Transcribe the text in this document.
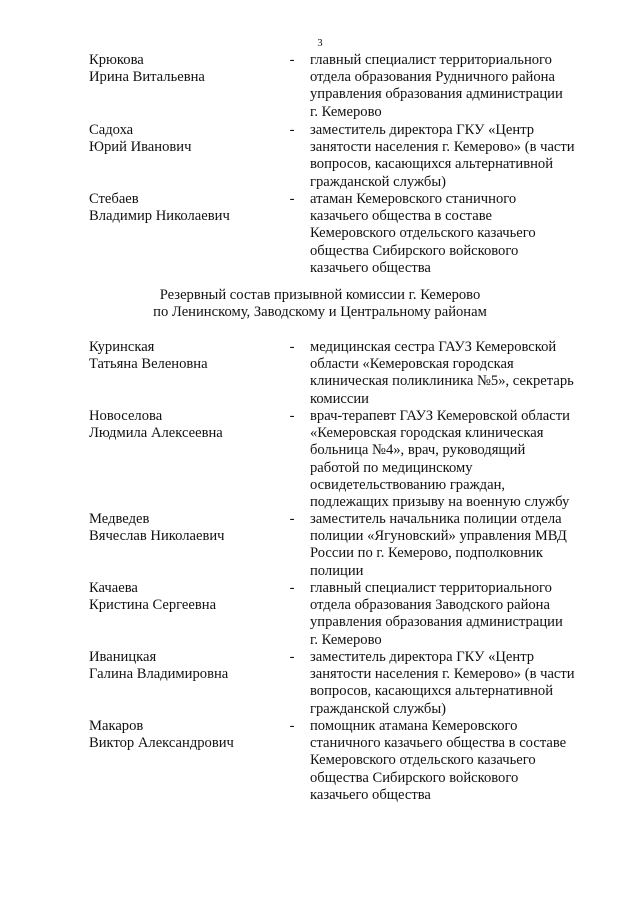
3
Крюкова
Ирина Витальевна
- главный специалист территориального
отдела образования Рудничного района
управления образования администрации
г. Кемерово
Садоха
Юрий Иванович
- заместитель директора ГКУ «Центр
занятости населения г. Кемерово» (в части
вопросов, касающихся альтернативной
гражданской службы)
Стебаев
Владимир Николаевич
- атаман Кемеровского станичного
казачьего общества в составе
Кемеровского отдельского казачьего
общества Сибирского войскового
казачьего общества
Резервный состав призывной комиссии г. Кемерово
по Ленинскому, Заводскому и Центральному районам
Куринская
Татьяна Веленовна
- медицинская сестра ГАУЗ Кемеровской
области «Кемеровская городская
клиническая поликлиника №5», секретарь
комиссии
Новоселова
Людмила Алексеевна
- врач-терапевт ГАУЗ Кемеровской области
«Кемеровская городская клиническая
больница №4», врач, руководящий
работой по медицинскому
освидетельствованию граждан,
подлежащих призыву на военную службу
Медведев
Вячеслав Николаевич
- заместитель начальника полиции отдела
полиции «Ягуновский» управления МВД
России по г. Кемерово, подполковник
полиции
Качаева
Кристина Сергеевна
- главный специалист территориального
отдела образования Заводского района
управления образования администрации
г. Кемерово
Иваницкая
Галина Владимировна
- заместитель директора ГКУ «Центр
занятости населения г. Кемерово» (в части
вопросов, касающихся альтернативной
гражданской службы)
Макаров
Виктор Александрович
- помощник атамана Кемеровского
станичного казачьего общества в составе
Кемеровского отдельского казачьего
общества Сибирского войскового
казачьего общества
